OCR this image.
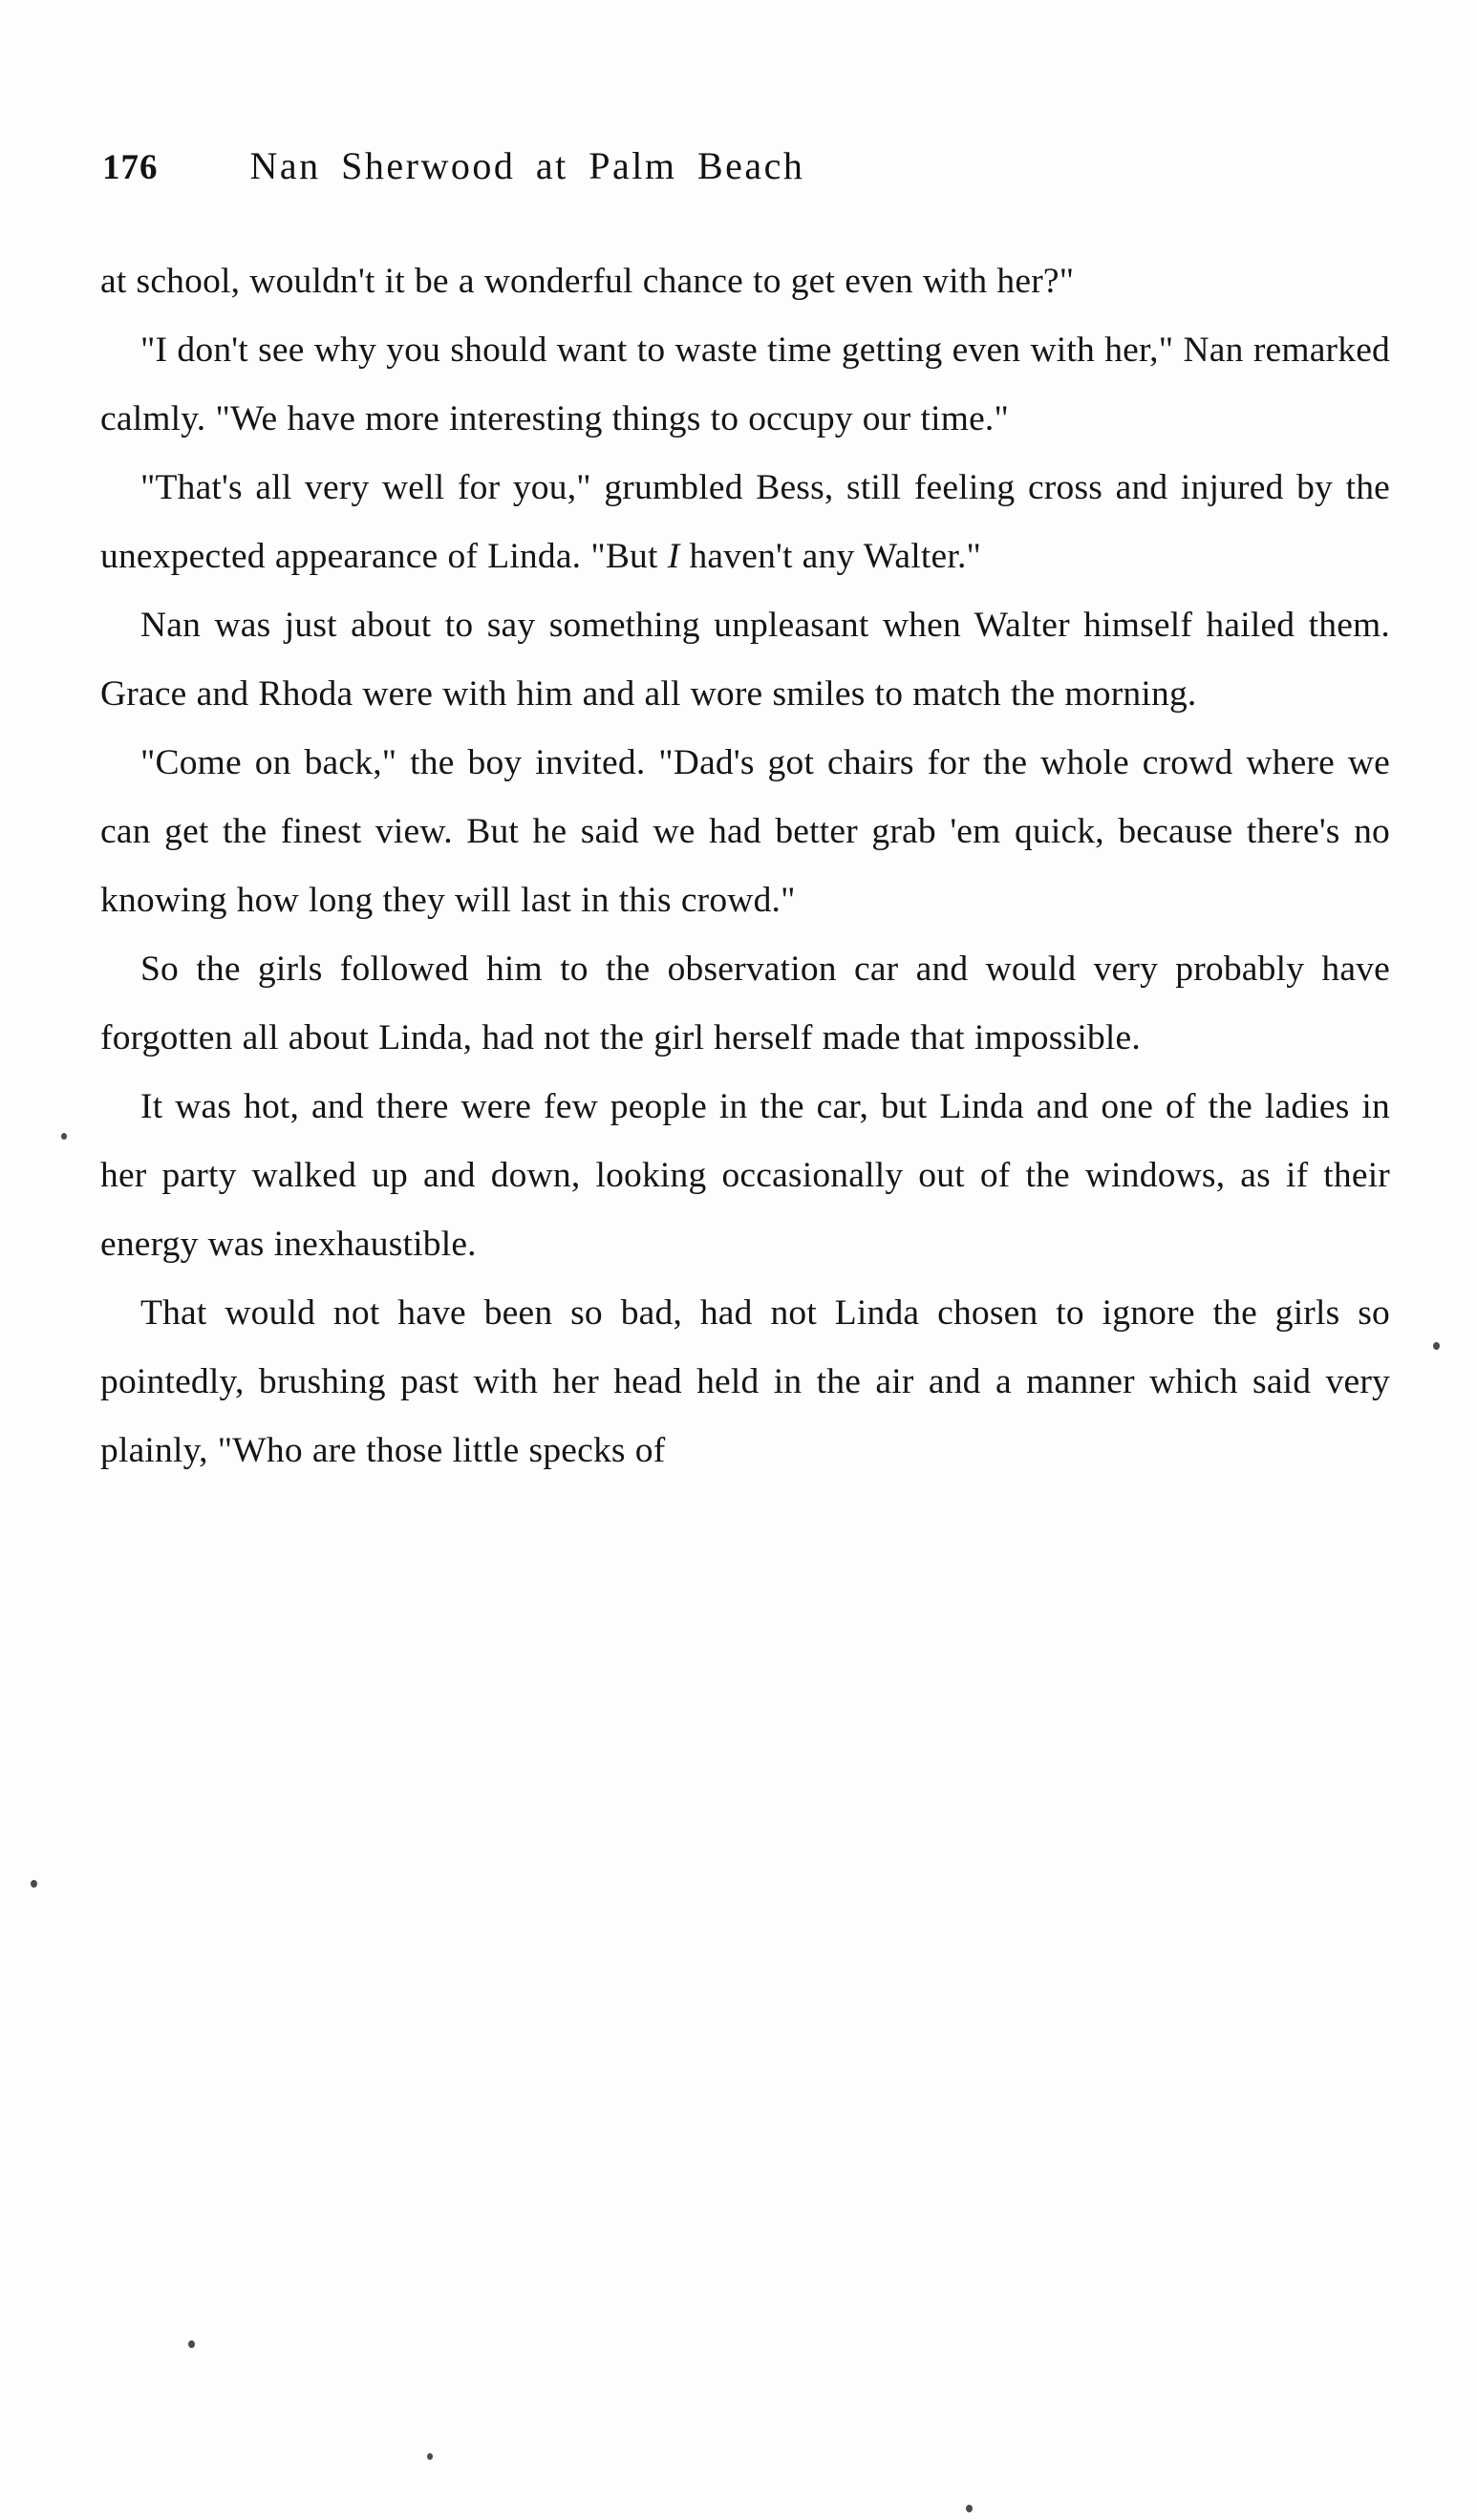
176 Nan Sherwood at Palm Beach

at school, wouldn't it be a wonderful chance to get even with her?"

"I don't see why you should want to waste time getting even with her," Nan remarked calmly. "We have more interesting things to occupy our time."

"That's all very well for you," grumbled Bess, still feeling cross and injured by the unexpected appearance of Linda. "But I haven't any Walter."

Nan was just about to say something unpleasant when Walter himself hailed them. Grace and Rhoda were with him and all wore smiles to match the morning.

"Come on back," the boy invited. "Dad's got chairs for the whole crowd where we can get the finest view. But he said we had better grab 'em quick, because there's no knowing how long they will last in this crowd."

So the girls followed him to the observation car and would very probably have forgotten all about Linda, had not the girl herself made that impossible.

It was hot, and there were few people in the car, but Linda and one of the ladies in her party walked up and down, looking occasionally out of the windows, as if their energy was inexhaustible.

That would not have been so bad, had not Linda chosen to ignore the girls so pointedly, brushing past with her head held in the air and a manner which said very plainly, "Who are those little specks of
